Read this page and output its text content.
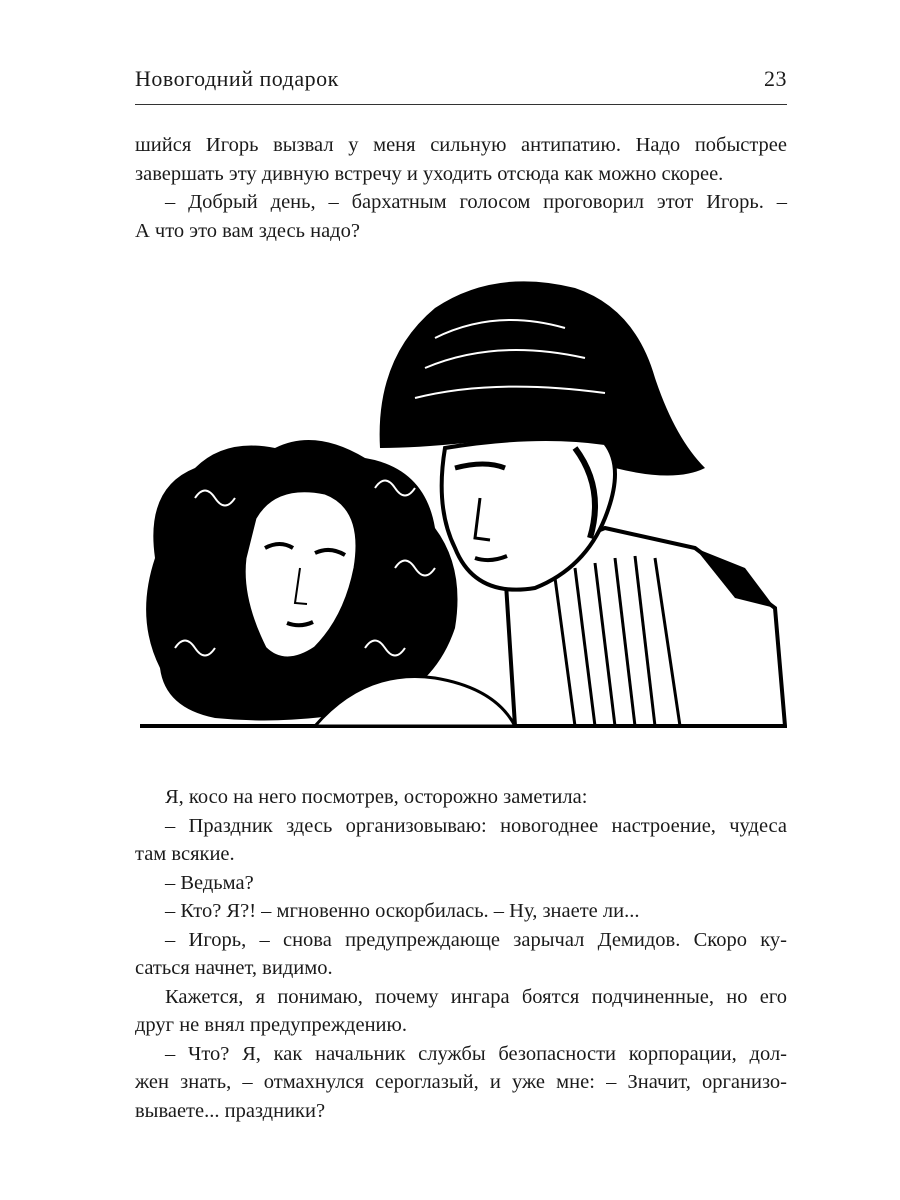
Новогодний подарок	23
шийся Игорь вызвал у меня сильную антипатию. Надо побыстрее
завершать эту дивную встречу и уходить отсюда как можно скорее.
– Добрый день, – бархатным голосом проговорил этот Игорь. –
А что это вам здесь надо?
Я, косо на него посмотрев, осторожно заметила:
– Праздник здесь организовываю: новогоднее настроение, чудеса
там всякие.
– Ведьма?
– Кто? Я?! – мгновенно оскорбилась. – Ну, знаете ли...
– Игорь, – снова предупреждающе зарычал Демидов. Скоро ку-
саться начнет, видимо.
Кажется, я понимаю, почему ингара боятся подчиненные, но его
друг не внял предупреждению.
– Что? Я, как начальник службы безопасности корпорации, дол-
жен знать, – отмахнулся сероглазый, и уже мне: – Значит, организо-
вываете... праздники?
